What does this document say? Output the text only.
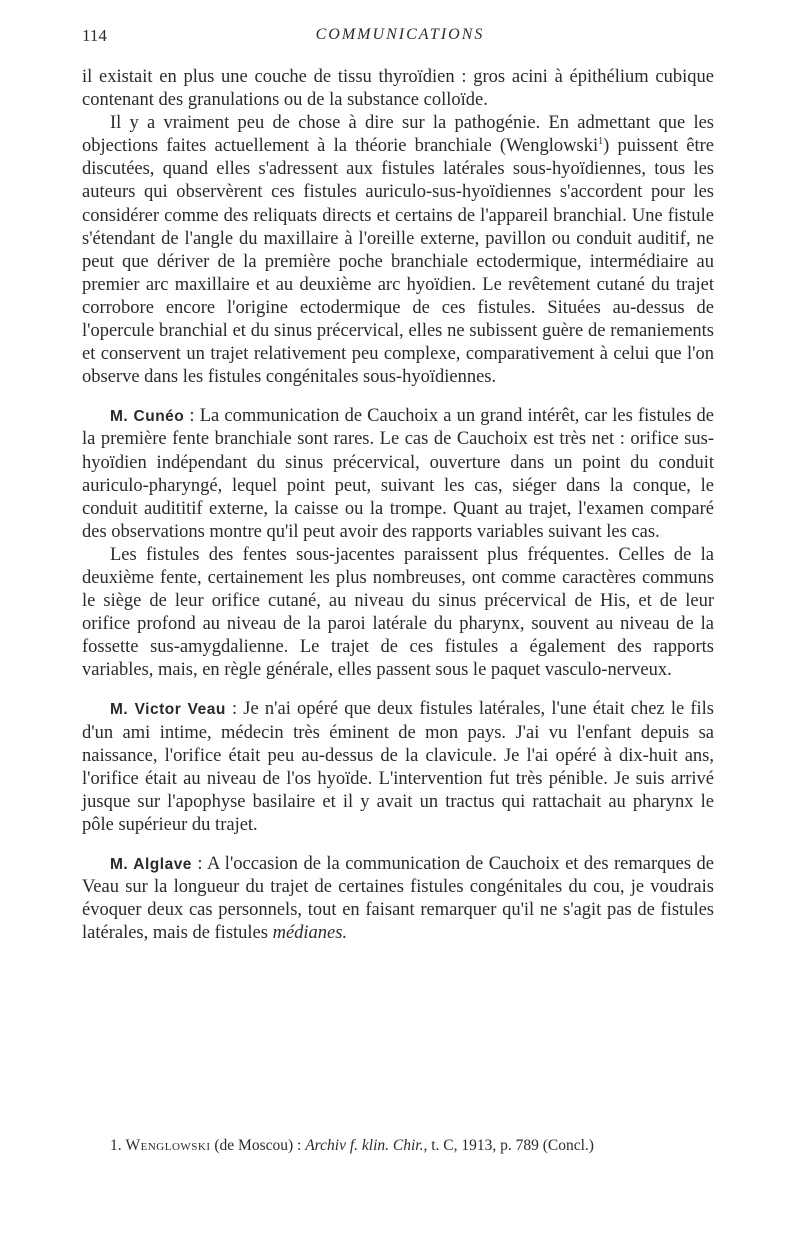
114	COMMUNICATIONS

il existait en plus une couche de tissu thyroïdien : gros acini à épithélium cubique contenant des granulations ou de la substance colloïde.

Il y a vraiment peu de chose à dire sur la pathogénie. En admettant que les objections faites actuellement à la théorie branchiale (Wenglowski$^1$) puissent être discutées, quand elles s'adressent aux fistules latérales sous-hyoïdiennes, tous les auteurs qui observèrent ces fistules auriculo-sus-hyoïdiennes s'accordent pour les considérer comme des reliquats directs et certains de l'appareil branchial. Une fistule s'étendant de l'angle du maxillaire à l'oreille externe, pavillon ou conduit auditif, ne peut que dériver de la première poche branchiale ectodermique, intermédiaire au premier arc maxillaire et au deuxième arc hyoïdien. Le revêtement cutané du trajet corrobore encore l'origine ectodermique de ces fistules. Situées au-dessus de l'opercule branchial et du sinus précervical, elles ne subissent guère de remaniements et conservent un trajet relativement peu complexe, comparativement à celui que l'on observe dans les fistules congénitales sous-hyoïdiennes.

M. Cunéo : La communication de Cauchoix a un grand intérêt, car les fistules de la première fente branchiale sont rares. Le cas de Cauchoix est très net : orifice sus-hyoïdien indépendant du sinus précervical, ouverture dans un point du conduit auriculo-pharyngé, lequel point peut, suivant les cas, siéger dans la conque, le conduit audititif externe, la caisse ou la trompe. Quant au trajet, l'examen comparé des observations montre qu'il peut avoir des rapports variables suivant les cas.

Les fistules des fentes sous-jacentes paraissent plus fréquentes. Celles de la deuxième fente, certainement les plus nombreuses, ont comme caractères communs le siège de leur orifice cutané, au niveau du sinus précervical de His, et de leur orifice profond au niveau de la paroi latérale du pharynx, souvent au niveau de la fossette sus-amygdalienne. Le trajet de ces fistules a également des rapports variables, mais, en règle générale, elles passent sous le paquet vasculo-nerveux.

M. Victor Veau : Je n'ai opéré que deux fistules latérales, l'une était chez le fils d'un ami intime, médecin très éminent de mon pays. J'ai vu l'enfant depuis sa naissance, l'orifice était peu au-dessus de la clavicule. Je l'ai opéré à dix-huit ans, l'orifice était au niveau de l'os hyoïde. L'intervention fut très pénible. Je suis arrivé jusque sur l'apophyse basilaire et il y avait un tractus qui rattachait au pharynx le pôle supérieur du trajet.

M. Alglave : A l'occasion de la communication de Cauchoix et des remarques de Veau sur la longueur du trajet de certaines fistules congénitales du cou, je voudrais évoquer deux cas personnels, tout en faisant remarquer qu'il ne s'agit pas de fistules latérales, mais de fistules médianes.

1. Wenglowski (de Moscou) : Archiv f. klin. Chir., t. C, 1913, p. 789 (Concl.)
